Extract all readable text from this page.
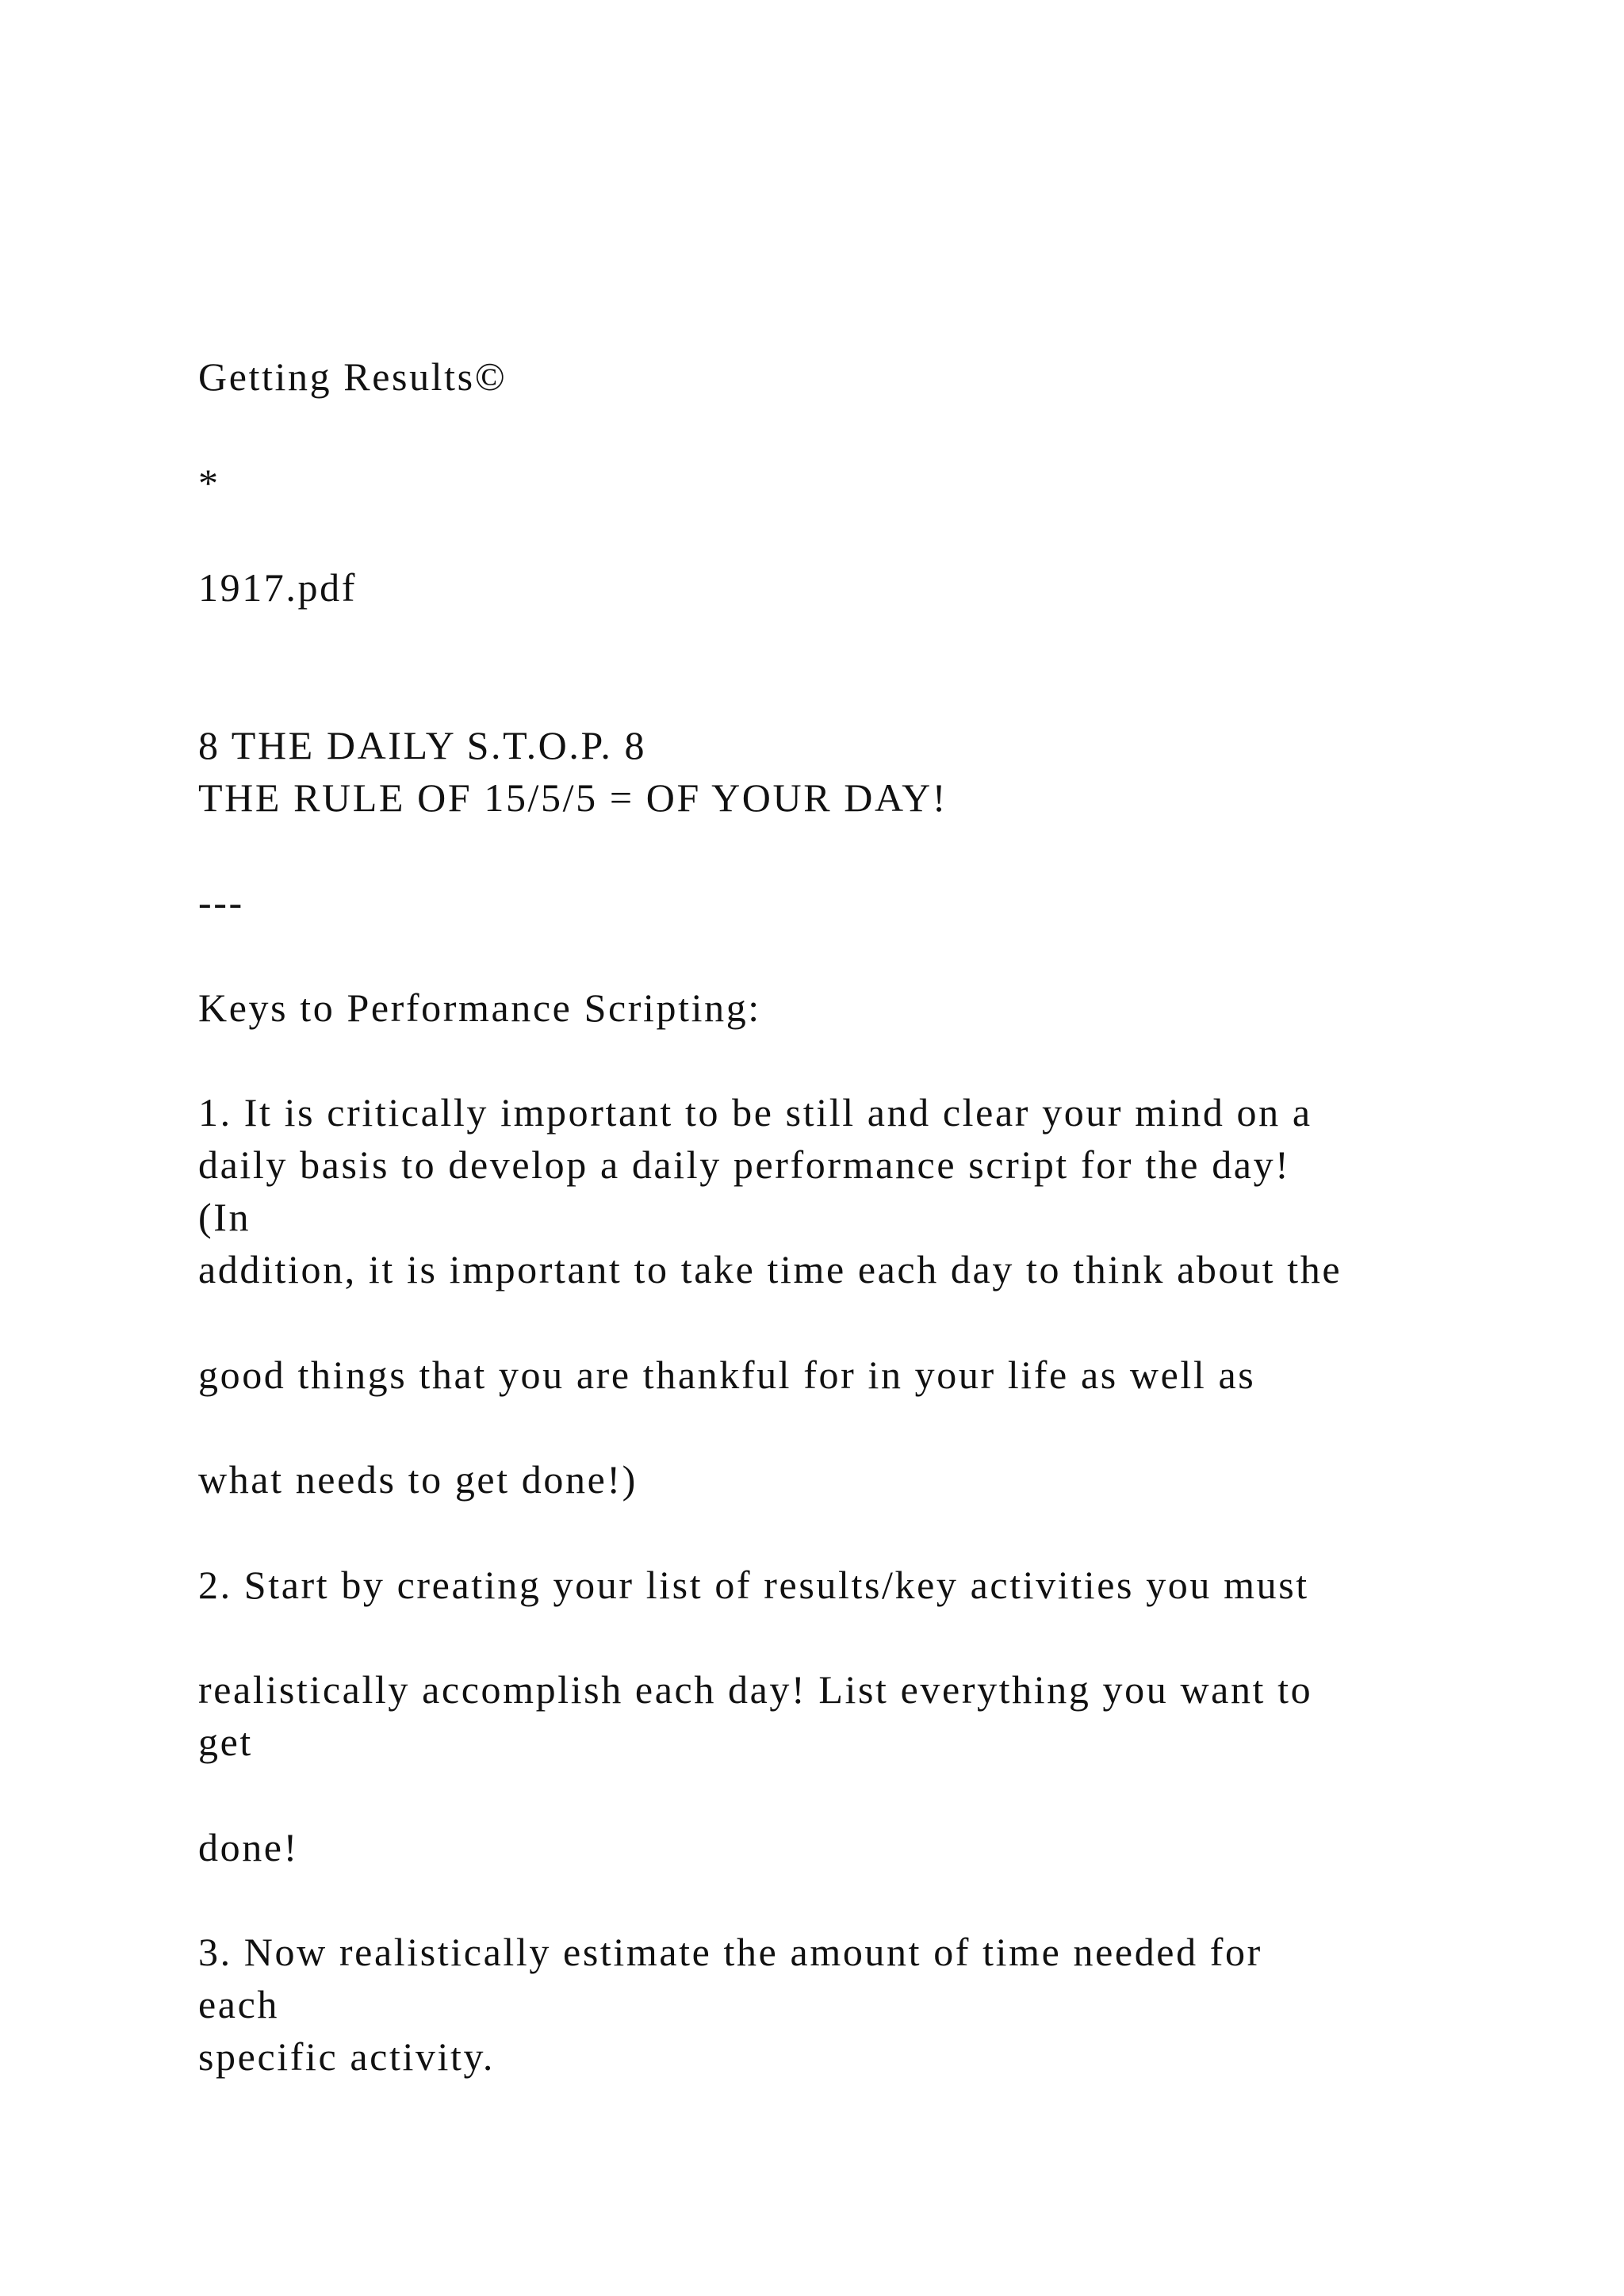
Getting Results©

*

1917.pdf

8 THE DAILY S.T.O.P. 8

THE RULE OF 15/5/5 = OF YOUR DAY!

---

Keys to Performance Scripting:

1. It is critically important to be still and clear your mind on a

daily basis to develop a daily performance script for the day!

(In

addition, it is important to take time each day to think about the

good things that you are thankful for in your life as well as

what needs to get done!)

2. Start by creating your list of results/key activities you must

realistically accomplish each day! List everything you want to

get

done!

3. Now realistically estimate the amount of time needed for

each

specific activity.
